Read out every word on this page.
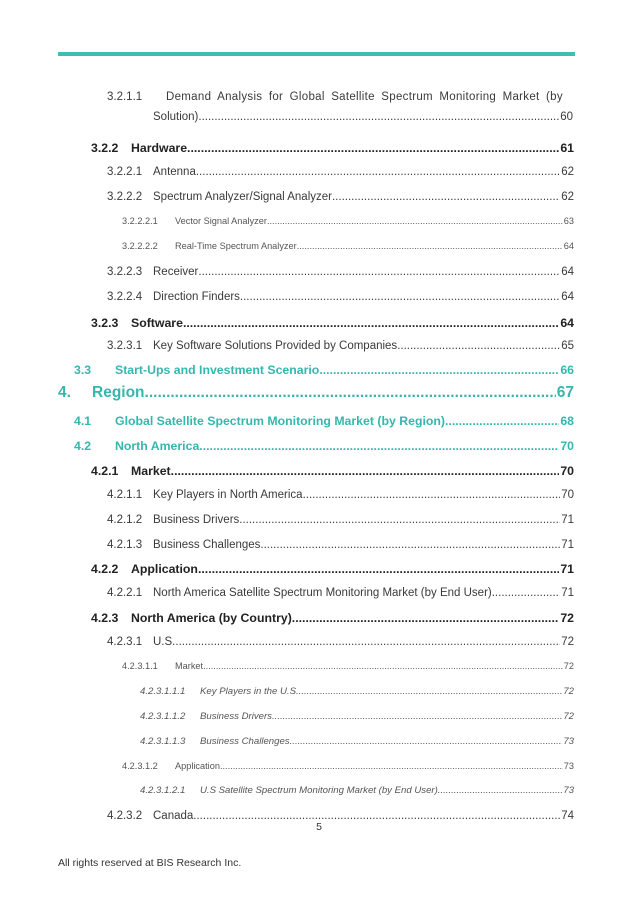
3.2.1.1	Demand Analysis for Global Satellite Spectrum Monitoring Market (by
Solution) .....	60
3.2.2	Hardware .....	61
3.2.2.1 Antenna .....	62
3.2.2.2 Spectrum Analyzer/Signal Analyzer .....	62
3.2.2.2.1	Vector Signal Analyzer .....	63
3.2.2.2.2	Real-Time Spectrum Analyzer .....	64
3.2.2.3 Receiver .....	64
3.2.2.4 Direction Finders .....	64
3.2.3	Software .....	64
3.2.3.1 Key Software Solutions Provided by Companies .....	65
3.3	Start-Ups and Investment Scenario .....	66
4.	Region .....	67
4.1	Global Satellite Spectrum Monitoring Market (by Region) .....	68
4.2	North America .....	70
4.2.1	Market .....	70
4.2.1.1 Key Players in North America .....	70
4.2.1.2 Business Drivers .....	71
4.2.1.3 Business Challenges .....	71
4.2.2	Application .....	71
4.2.2.1 North America Satellite Spectrum Monitoring Market (by End User) .....	71
4.2.3	North America (by Country) .....	72
4.2.3.1 U.S. .....	72
4.2.3.1.1	Market .....	72
4.2.3.1.1.1	Key Players in the U.S. .....	72
4.2.3.1.1.2	Business Drivers .....	72
4.2.3.1.1.3	Business Challenges .....	73
4.2.3.1.2	Application .....	73
4.2.3.1.2.1	U.S Satellite Spectrum Monitoring Market (by End User) .....	73
4.2.3.2 Canada .....	74
5
All rights reserved at BIS Research Inc.
